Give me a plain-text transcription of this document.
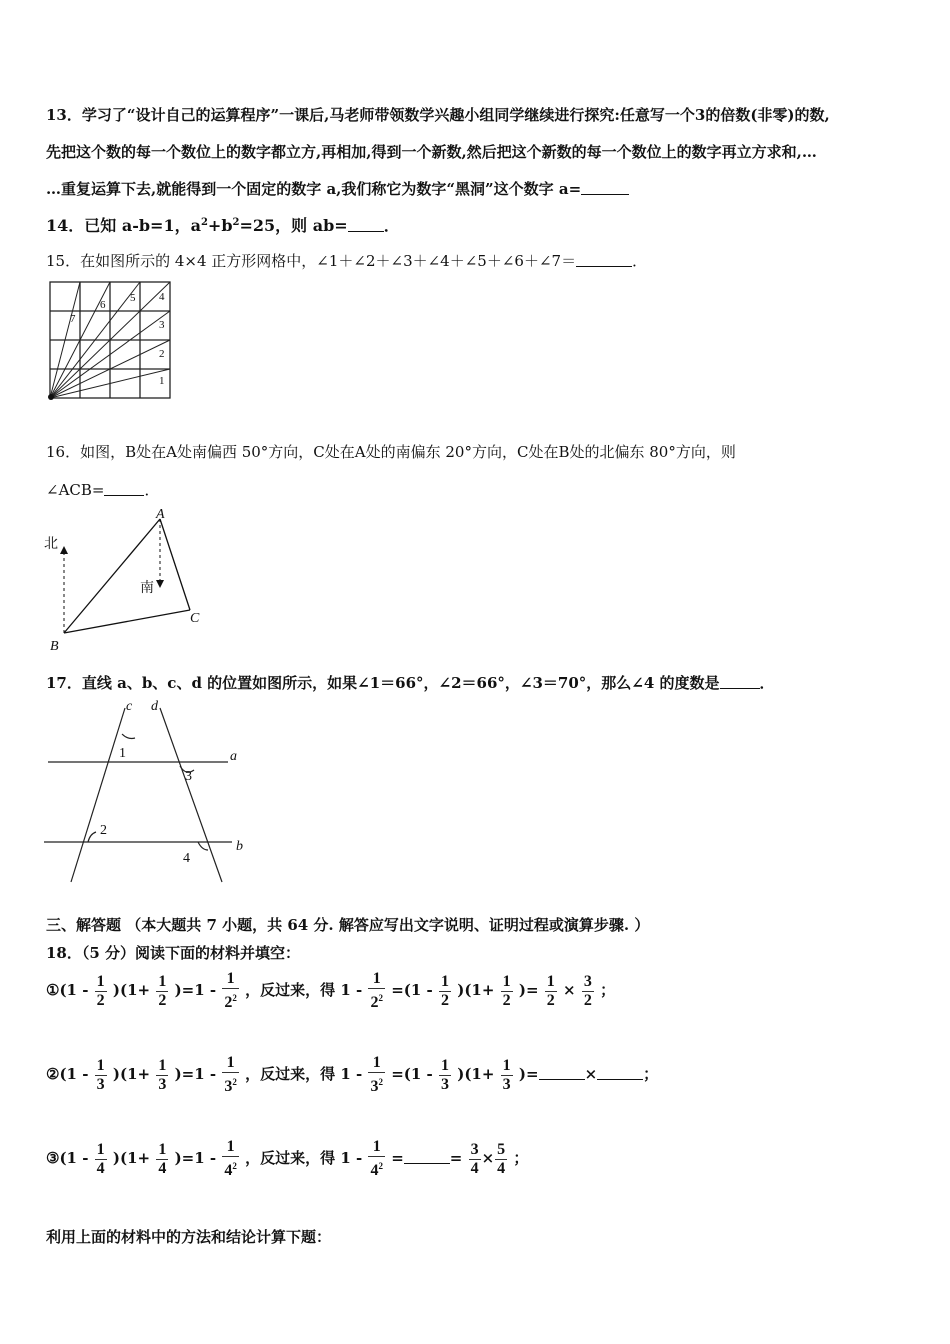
13．学习了“设计自己的运算程序”一课后,马老师带领数学兴趣小组同学继续进行探究:任意写一个3的倍数(非零)的数,
先把这个数的每一个数位上的数字都立方,再相加,得到一个新数,然后把这个新数的每一个数位上的数字再立方求和,…
…重复运算下去,就能得到一个固定的数字 a,我们称它为数字“黑洞”这个数字 a=
14．已知 a-b=1，$a^2+b^2=25$，则 ab= ．
15．在如图所示的 4×4 正方形网格中，∠1＋∠2＋∠3＋∠4＋∠5＋∠6＋∠7＝	．
1
2
3
4
5
6
7
16．如图，B处在A处南偏西 50°方向，C处在A处的南偏东 20°方向，C处在B处的北偏东 80°方向，则
∠ACB=	．
北
南
A
B
C
17．直线 a、b、c、d 的位置如图所示，如果∠1＝66°，∠2＝66°，∠3＝70°，那么∠4 的度数是	．
c d
a
b
1
3
2
4
三、解答题 （本大题共 7 小题，共 64 分. 解答应写出文字说明、证明过程或演算步骤. ）
18．（5 分）阅读下面的材料并填空：
①(1 - $\frac{1}{2} )(1+ \frac{1}{2} )=1 - \frac{1}{2^2}$ ，反过来，得 $1 - \frac{1}{2^2} =(1 - \frac{1}{2} )(1+ \frac{1}{2}$ )= $\frac{1}{2} \times \frac{3}{2}$ ；
②(1 - $\frac{1}{3} )(1+ \frac{1}{3} )=1 - \frac{1}{3^2}$ ，反过来，得 $1 - \frac{1}{3^2} =(1 - \frac{1}{3} )(1+ \frac{1}{3}$ )=	×	；
③(1 - $\frac{1}{4} )(1+ \frac{1}{4} )=1 - \frac{1}{4^2}$ ，反过来，得 $1 - \frac{1}{4^2}$ =	= $\frac{3}{4} \times \frac{5}{4}$ ；
利用上面的材料中的方法和结论计算下题：
